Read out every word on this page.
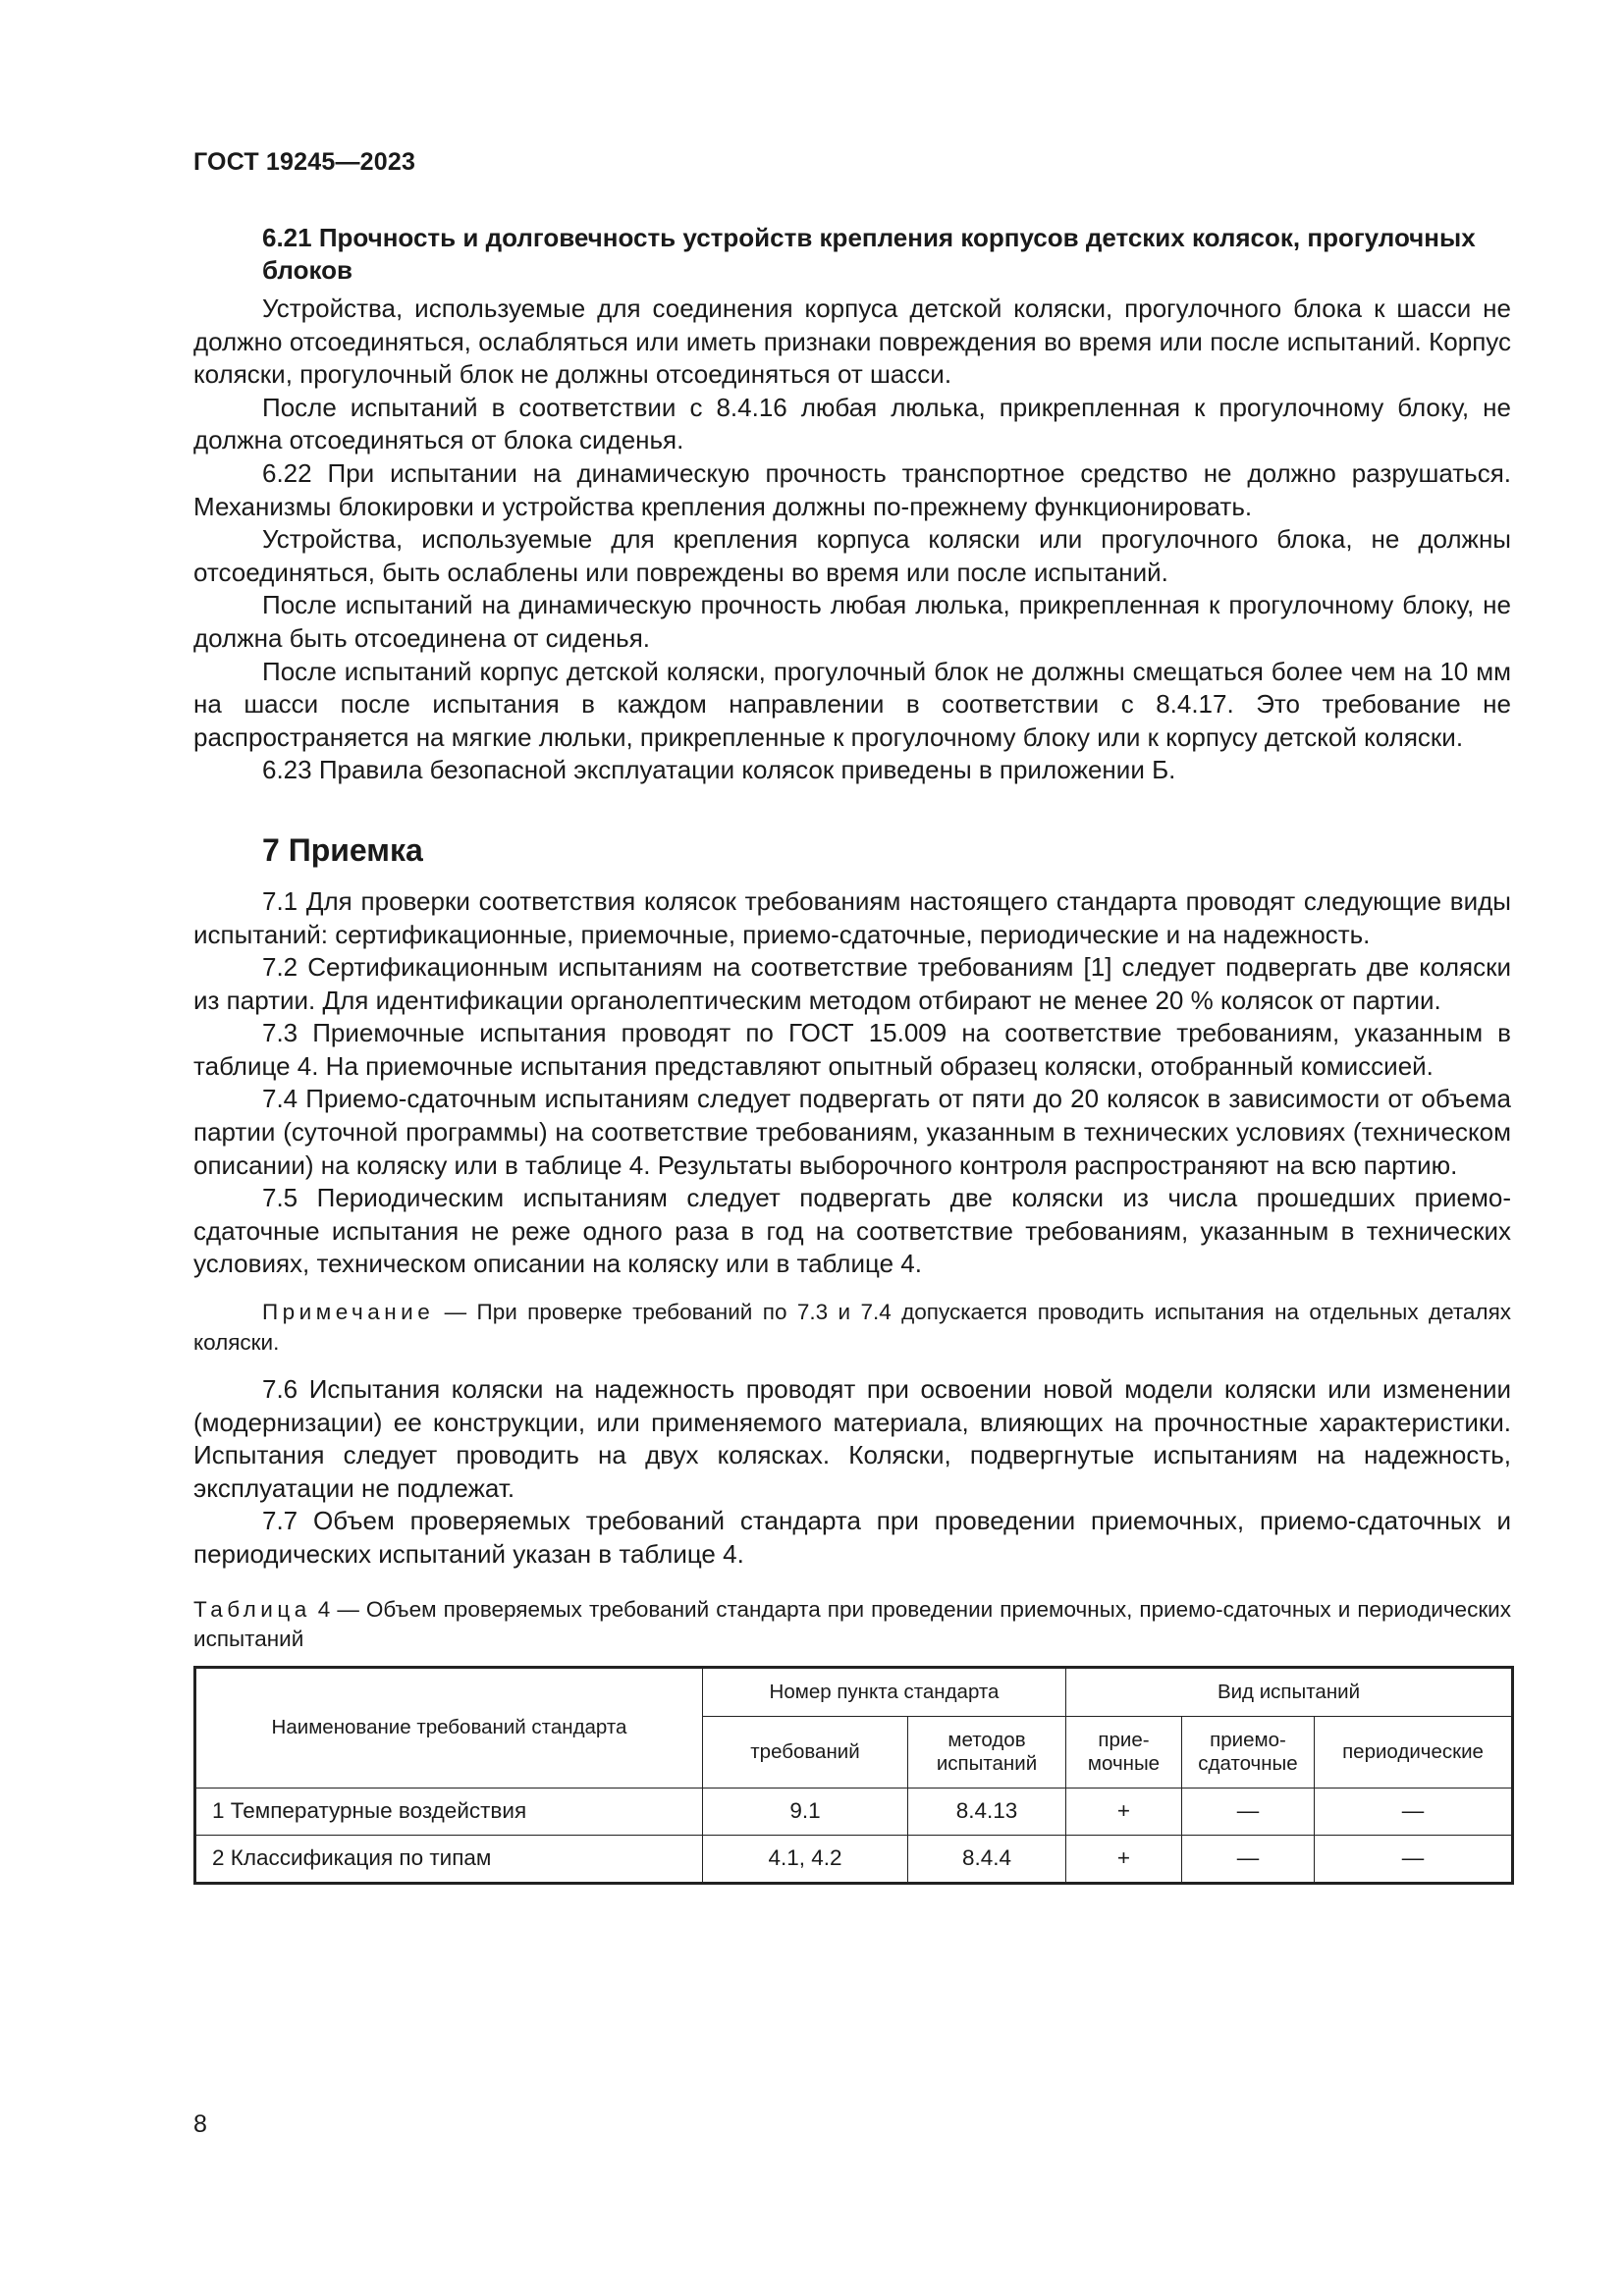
ГОСТ 19245—2023
6.21 Прочность и долговечность устройств крепления корпусов детских колясок, прогулочных блоков

Устройства, используемые для соединения корпуса детской коляски, прогулочного блока к шасси не должно отсоединяться, ослабляться или иметь признаки повреждения во время или после испытаний. Корпус коляски, прогулочный блок не должны отсоединяться от шасси.

После испытаний в соответствии с 8.4.16 любая люлька, прикрепленная к прогулочному блоку, не должна отсоединяться от блока сиденья.

6.22 При испытании на динамическую прочность транспортное средство не должно разрушаться. Механизмы блокировки и устройства крепления должны по-прежнему функционировать.

Устройства, используемые для крепления корпуса коляски или прогулочного блока, не должны отсоединяться, быть ослаблены или повреждены во время или после испытаний.

После испытаний на динамическую прочность любая люлька, прикрепленная к прогулочному блоку, не должна быть отсоединена от сиденья.

После испытаний корпус детской коляски, прогулочный блок не должны смещаться более чем на 10 мм на шасси после испытания в каждом направлении в соответствии с 8.4.17. Это требование не распространяется на мягкие люльки, прикрепленные к прогулочному блоку или к корпусу детской коляски.

6.23 Правила безопасной эксплуатации колясок приведены в приложении Б.

7 Приемка

7.1 Для проверки соответствия колясок требованиям настоящего стандарта проводят следующие виды испытаний: сертификационные, приемочные, приемо-сдаточные, периодические и на надежность.

7.2 Сертификационным испытаниям на соответствие требованиям [1] следует подвергать две коляски из партии. Для идентификации органолептическим методом отбирают не менее 20 % колясок от партии.

7.3 Приемочные испытания проводят по ГОСТ 15.009 на соответствие требованиям, указанным в таблице 4. На приемочные испытания представляют опытный образец коляски, отобранный комиссией.

7.4 Приемо-сдаточным испытаниям следует подвергать от пяти до 20 колясок в зависимости от объема партии (суточной программы) на соответствие требованиям, указанным в технических условиях (техническом описании) на коляску или в таблице 4. Результаты выборочного контроля распространяют на всю партию.

7.5 Периодическим испытаниям следует подвергать две коляски из числа прошедших приемо-сдаточные испытания не реже одного раза в год на соответствие требованиям, указанным в технических условиях, техническом описании на коляску или в таблице 4.

Примечание — При проверке требований по 7.3 и 7.4 допускается проводить испытания на отдельных деталях коляски.

7.6 Испытания коляски на надежность проводят при освоении новой модели коляски или изменении (модернизации) ее конструкции, или применяемого материала, влияющих на прочностные характеристики. Испытания следует проводить на двух колясках. Коляски, подвергнутые испытаниям на надежность, эксплуатации не подлежат.

7.7 Объем проверяемых требований стандарта при проведении приемочных, приемо-сдаточных и периодических испытаний указан в таблице 4.

Таблица 4 — Объем проверяемых требований стандарта при проведении приемочных, приемо-сдаточных и периодических испытаний
Наименование требований стандарта	Номер пункта стандарта		Вид испытаний		
	требований	методов испытаний	прие-мочные	приемо-сдаточные	периодические
1 Температурные воздействия	9.1	8.4.13	+	—	—
2 Классификация по типам	4.1, 4.2	8.4.4	+	—	—
8
